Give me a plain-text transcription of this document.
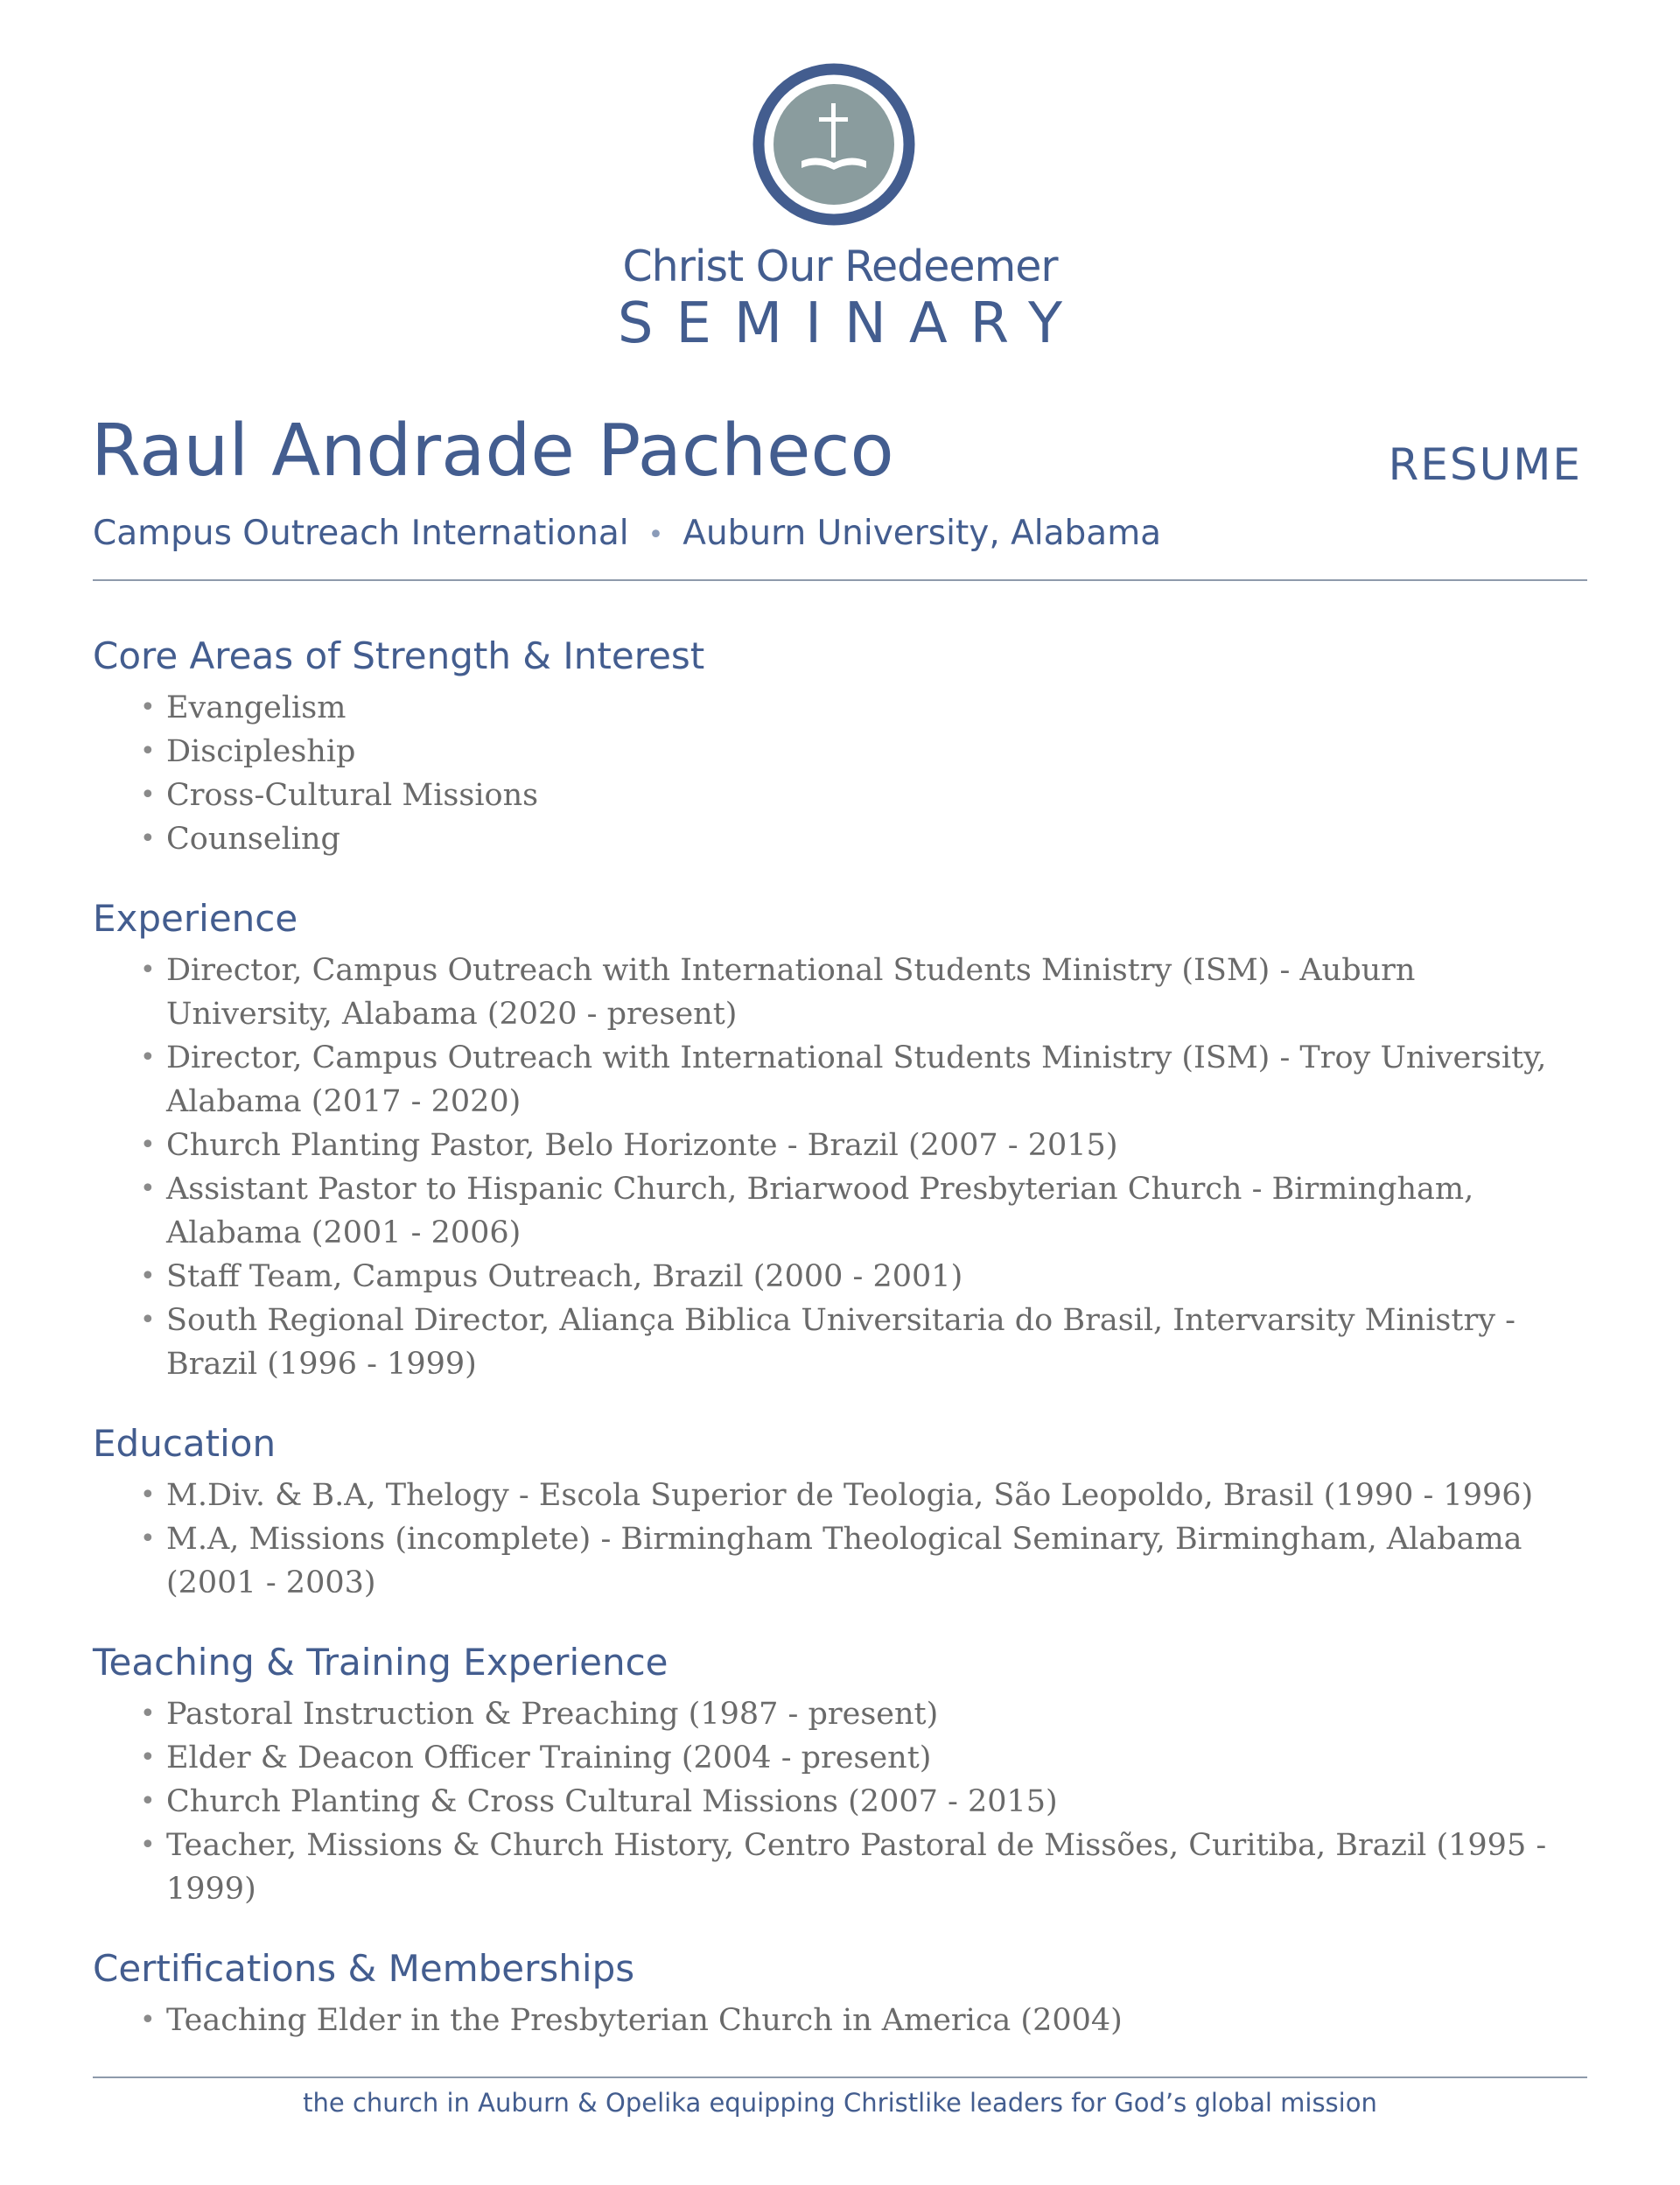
Christ Our Redeemer
SEMINARY
Raul Andrade Pacheco	RESUME
Campus Outreach International • Auburn University, Alabama
Core Areas of Strength & Interest
• Evangelism
• Discipleship
• Cross-Cultural Missions
• Counseling
Experience
• Director, Campus Outreach with International Students Ministry (ISM) - Auburn University, Alabama (2020 - present)
• Director, Campus Outreach with International Students Ministry (ISM) - Troy University, Alabama (2017 - 2020)
• Church Planting Pastor, Belo Horizonte - Brazil (2007 - 2015)
• Assistant Pastor to Hispanic Church, Briarwood Presbyterian Church - Birmingham, Alabama (2001 - 2006)
• Staff Team, Campus Outreach, Brazil (2000 - 2001)
• South Regional Director, Aliança Biblica Universitaria do Brasil, Intervarsity Ministry - Brazil (1996 - 1999)
Education
• M.Div. & B.A, Thelogy - Escola Superior de Teologia, São Leopoldo, Brasil (1990 - 1996)
• M.A, Missions (incomplete) - Birmingham Theological Seminary, Birmingham, Alabama (2001 - 2003)
Teaching & Training Experience
• Pastoral Instruction & Preaching (1987 - present)
• Elder & Deacon Officer Training (2004 - present)
• Church Planting & Cross Cultural Missions (2007 - 2015)
• Teacher, Missions & Church History, Centro Pastoral de Missões, Curitiba, Brazil (1995 - 1999)
Certifications & Memberships
• Teaching Elder in the Presbyterian Church in America (2004)
the church in Auburn & Opelika equipping Christlike leaders for God’s global mission
